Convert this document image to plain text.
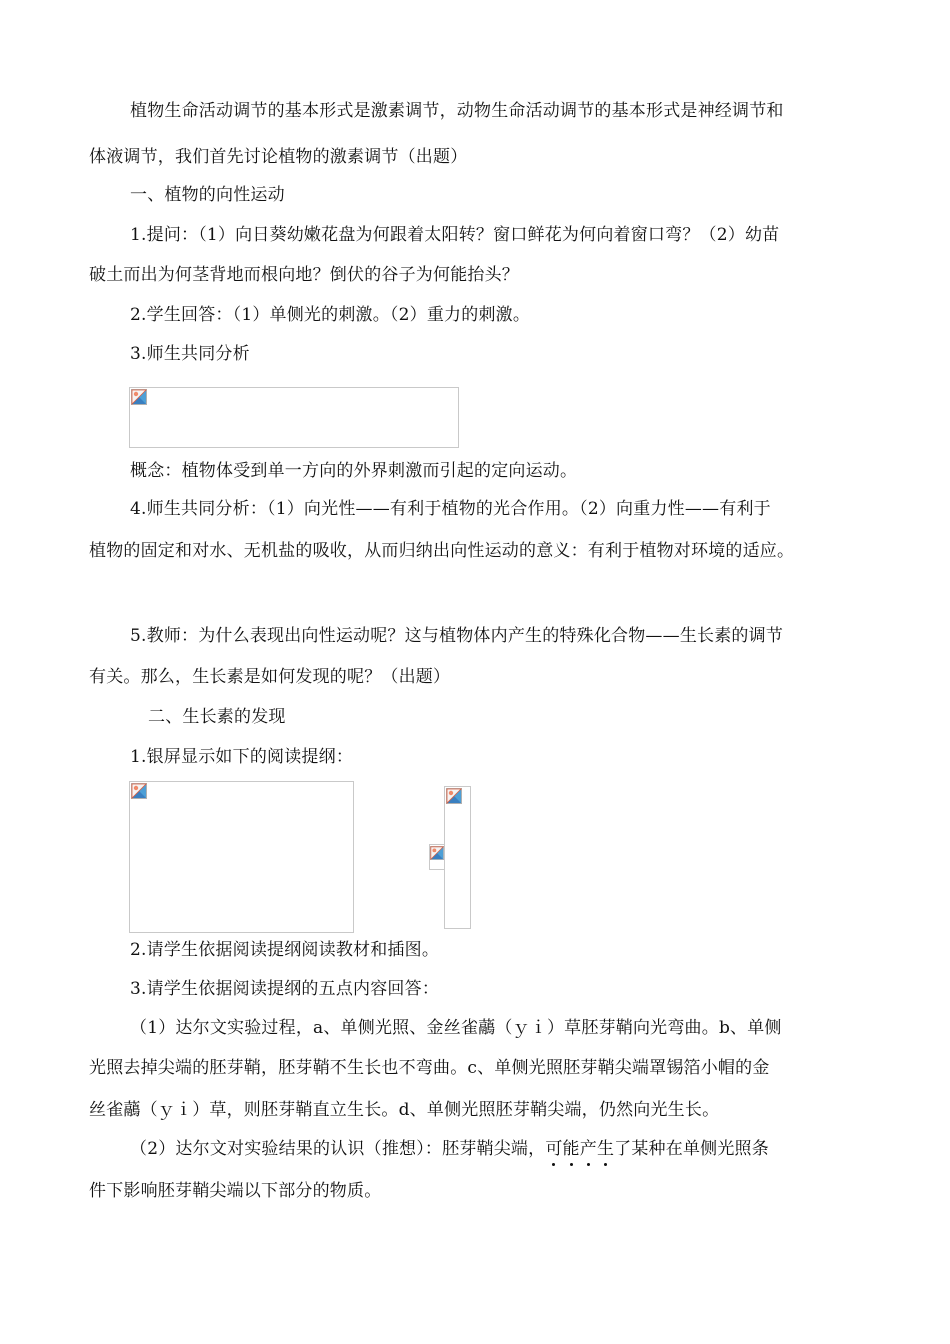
植物生命活动调节的基本形式是激素调节，动物生命活动调节的基本形式是神经调节和
体液调节，我们首先讨论植物的激素调节（出题）
一、植物的向性运动
1.提问：（1）向日葵幼嫩花盘为何跟着太阳转？窗口鲜花为何向着窗口弯？（2）幼苗
破土而出为何茎背地而根向地？倒伏的谷子为何能抬头？
2.学生回答：（1）单侧光的刺激。（2）重力的刺激。
3.师生共同分析
概念：植物体受到单一方向的外界刺激而引起的定向运动。
4.师生共同分析：（1）向光性——有利于植物的光合作用。（2）向重力性——有利于
植物的固定和对水、无机盐的吸收，从而归纳出向性运动的意义：有利于植物对环境的适应。
5.教师：为什么表现出向性运动呢？这与植物体内产生的特殊化合物——生长素的调节
有关。那么，生长素是如何发现的呢？（出题）
二、生长素的发现
1.银屏显示如下的阅读提纲：
2.请学生依据阅读提纲阅读教材和插图。
3.请学生依据阅读提纲的五点内容回答：
（1）达尔文实验过程，a、单侧光照、金丝雀虉（ｙｉ）草胚芽鞘向光弯曲。b、单侧
光照去掉尖端的胚芽鞘，胚芽鞘不生长也不弯曲。c、单侧光照胚芽鞘尖端罩锡箔小帽的金
丝雀虉（ｙｉ）草，则胚芽鞘直立生长。d、单侧光照胚芽鞘尖端，仍然向光生长。
（2）达尔文对实验结果的认识（推想）：胚芽鞘尖端，可能产生了某种在单侧光照条
件下影响胚芽鞘尖端以下部分的物质。
